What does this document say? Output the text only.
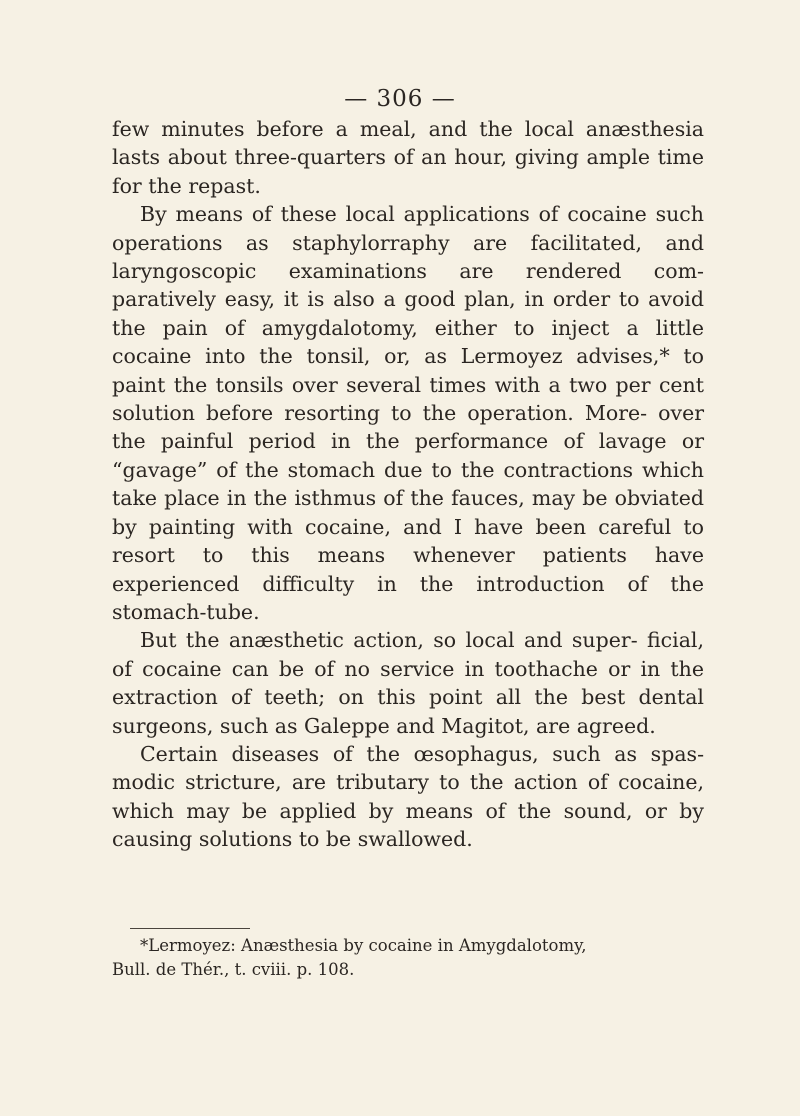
— 306 —

few minutes before a meal, and the local anæsthesia lasts about three-quarters of an hour, giving ample time for the repast.

By means of these local applications of cocaine such operations as staphylorraphy are facilitated, and laryngoscopic examinations are rendered com- paratively easy, it is also a good plan, in order to avoid the pain of amygdalotomy, either to inject a little cocaine into the tonsil, or, as Lermoyez advises,* to paint the tonsils over several times with a two per cent solution before resorting to the operation. More- over the painful period in the performance of lavage or “gavage” of the stomach due to the contractions which take place in the isthmus of the fauces, may be obviated by painting with cocaine, and I have been careful to resort to this means whenever patients have experienced difficulty in the introduction of the stomach-tube.

But the anæsthetic action, so local and super- ficial, of cocaine can be of no service in toothache or in the extraction of teeth; on this point all the best dental surgeons, such as Galeppe and Magitot, are agreed.

Certain diseases of the œsophagus, such as spas- modic stricture, are tributary to the action of cocaine, which may be applied by means of the sound, or by causing solutions to be swallowed.

*Lermoyez: Anæsthesia by cocaine in Amygdalotomy,
Bull. de Thér., t. cviii. p. 108.
